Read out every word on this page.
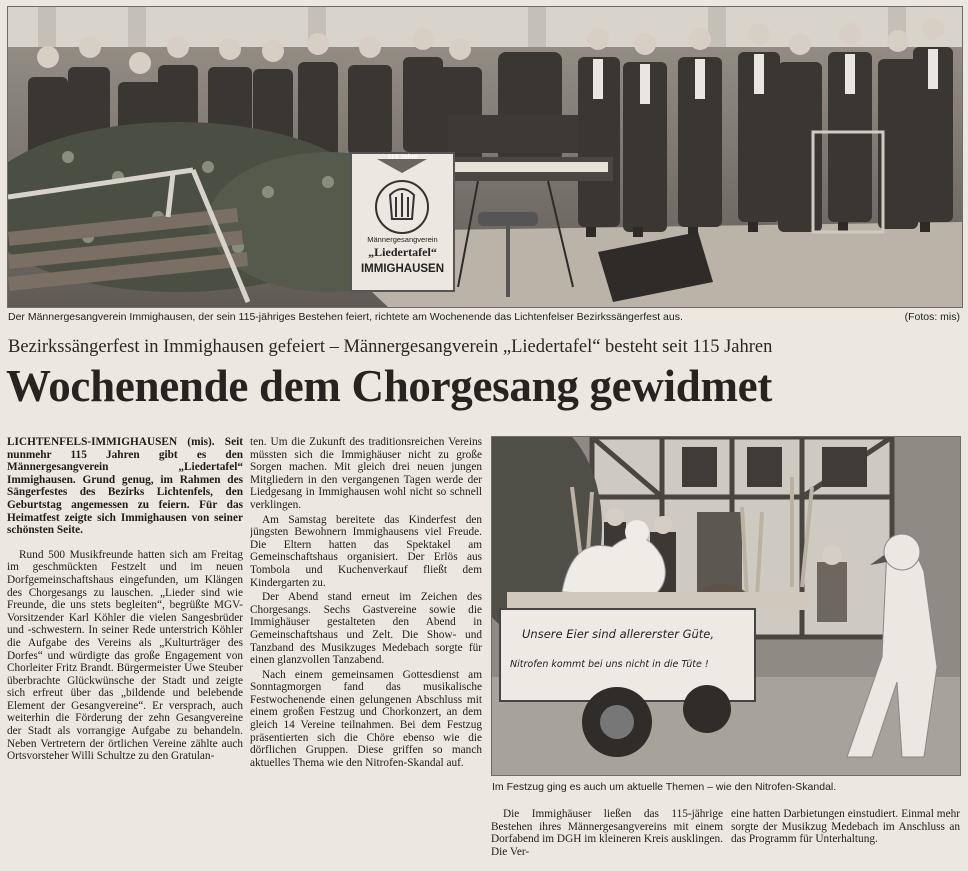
115 Jahre
Männergesangverein
„Liedertafel“
IMMIGHAUSEN
Der Männergesangverein Immighausen, der sein 115-jähriges Bestehen feiert, richtete am Wochenende das Lichtenfelser Bezirkssängerfest aus.	(Fotos: mis)
Bezirkssängerfest in Immighausen gefeiert – Männergesangverein „Liedertafel“ besteht seit 115 Jahren
Wochenende dem Chorgesang gewidmet

LICHTENFELS-IMMIGHAUSEN (mis). Seit nunmehr 115 Jahren gibt es den Männergesangverein „Liedertafel“ Immighausen. Grund genug, im Rahmen des Sängerfestes des Bezirks Lichtenfels, den Geburtstag angemessen zu feiern. Für das Heimatfest zeigte sich Immighausen von seiner schönsten Seite.

Rund 500 Musikfreunde hatten sich am Freitag im geschmückten Festzelt und im neuen Dorfgemeinschaftshaus eingefunden, um Klängen des Chorgesangs zu lauschen. „Lieder sind wie Freunde, die uns stets begleiten“, begrüßte MGV-Vorsitzender Karl Köhler die vielen Sangesbrüder und -schwestern. In seiner Rede unterstrich Köhler die Aufgabe des Vereins als „Kulturträger des Dorfes“ und würdigte das große Engagement von Chorleiter Fritz Brandt. Bürgermeister Uwe Steuber überbrachte Glückwünsche der Stadt und zeigte sich erfreut über das „bildende und belebende Element der Gesangvereine“. Er versprach, auch weiterhin die Förderung der zehn Gesangvereine der Stadt als vorrangige Aufgabe zu behandeln. Neben Vertretern der örtlichen Vereine zählte auch Ortsvorsteher Willi Schultze zu den Gratulan-

ten. Um die Zukunft des traditionsreichen Vereins müssten sich die Immighäuser nicht zu große Sorgen machen. Mit gleich drei neuen jungen Mitgliedern in den vergangenen Tagen werde der Liedgesang in Immighausen wohl nicht so schnell verklingen.

Am Samstag bereitete das Kinderfest den jüngsten Bewohnern Immighausens viel Freude. Die Eltern hatten das Spektakel am Gemeinschaftshaus organisiert. Der Erlös aus Tombola und Kuchenverkauf fließt dem Kindergarten zu.

Der Abend stand erneut im Zeichen des Chorgesangs. Sechs Gastvereine sowie die Immighäuser gestalteten den Abend in Gemeinschaftshaus und Zelt. Die Show- und Tanzband des Musikzuges Medebach sorgte für einen glanzvollen Tanzabend.

Nach einem gemeinsamen Gottesdienst am Sonntagmorgen fand das musikalische Festwochenende einen gelungenen Abschluss mit einem großen Festzug und Chorkonzert, an dem gleich 14 Vereine teilnahmen. Bei dem Festzug präsentierten sich die Chöre ebenso wie die dörflichen Gruppen. Diese griffen so manch aktuelles Thema wie den Nitrofen-Skandal auf.

Unsere Eier sind allererster Güte,
Nitrofen kommt bei uns nicht in die Tüte !
Im Festzug ging es auch um aktuelle Themen – wie den Nitrofen-Skandal.

Die Immighäuser ließen das 115-jährige Bestehen ihres Männergesangvereins mit einem Dorfabend im DGH im kleineren Kreis ausklingen. Die Ver-

eine hatten Darbietungen einstudiert. Einmal mehr sorgte der Musikzug Medebach im Anschluss an das Programm für Unterhaltung.
